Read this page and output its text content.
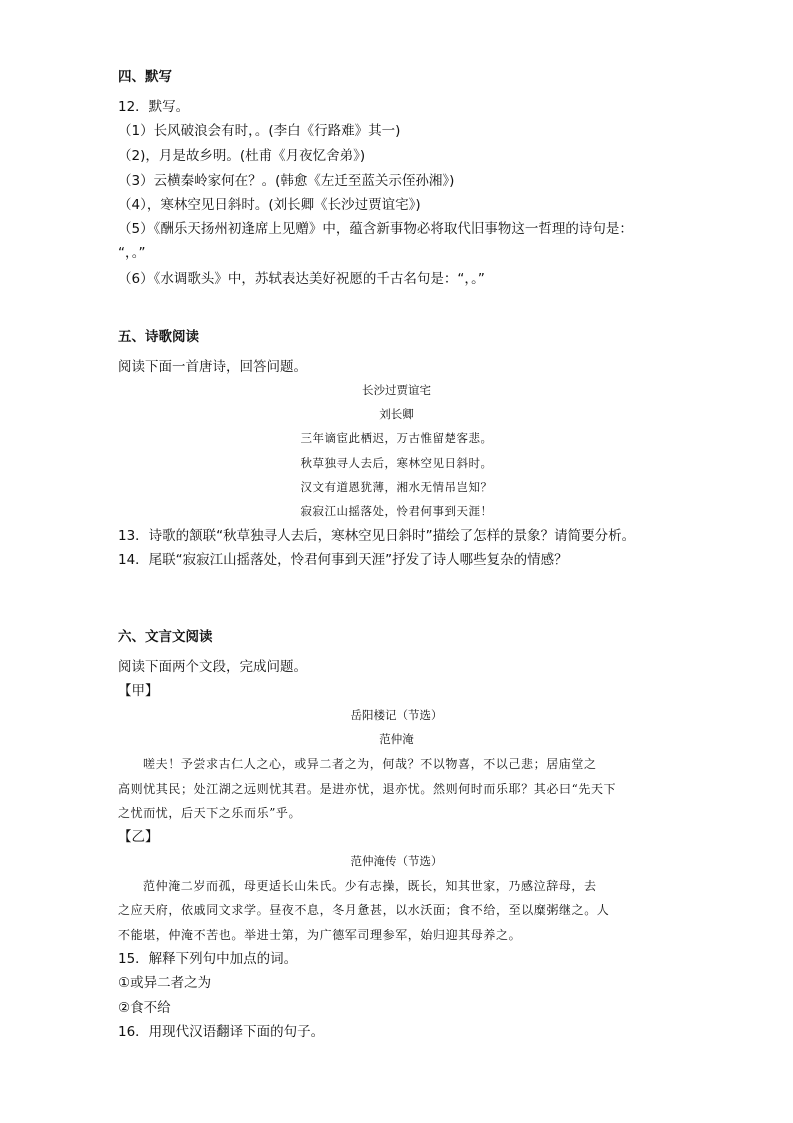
四、默写
12．默写。
（1）长风破浪会有时，。(李白《行路难》其一)
（2)，月是故乡明。(杜甫《月夜忆舍弟》)
（3）云横秦岭家何在？。(韩愈《左迁至蓝关示侄孙湘》)
（4），寒林空见日斜时。(刘长卿《长沙过贾谊宅》)
（5）《酬乐天扬州初逢席上见赠》中，蕴含新事物必将取代旧事物这一哲理的诗句是：
“，。”
（6）《水调歌头》中，苏轼表达美好祝愿的千古名句是：“，。”
五、诗歌阅读
阅读下面一首唐诗，回答问题。
长沙过贾谊宅
刘长卿
三年谪宦此栖迟，万古惟留楚客悲。
秋草独寻人去后，寒林空见日斜时。
汉文有道恩犹薄，湘水无情吊岂知？
寂寂江山摇落处，怜君何事到天涯！
13．诗歌的颔联“秋草独寻人去后，寒林空见日斜时”描绘了怎样的景象？请简要分析。
14．尾联“寂寂江山摇落处，怜君何事到天涯”抒发了诗人哪些复杂的情感？
六、文言文阅读
阅读下面两个文段，完成问题。
【甲】
岳阳楼记（节选）
范仲淹
嗟夫！予尝求古仁人之心，或异二者之为，何哉？不以物喜，不以己悲；居庙堂之
高则忧其民；处江湖之远则忧其君。是进亦忧，退亦忧。然则何时而乐耶？其必曰“先天下
之忧而忧，后天下之乐而乐”乎。
【乙】
范仲淹传（节选）
范仲淹二岁而孤，母更适长山朱氏。少有志操，既长，知其世家，乃感泣辞母，去
之应天府，依戚同文求学。昼夜不息，冬月惫甚，以水沃面；食不给，至以糜粥继之。人
不能堪，仲淹不苦也。举进士第，为广德军司理参军，始归迎其母养之。
15．解释下列句中加点的词。
①或异二者之为
②食不给
16．用现代汉语翻译下面的句子。
